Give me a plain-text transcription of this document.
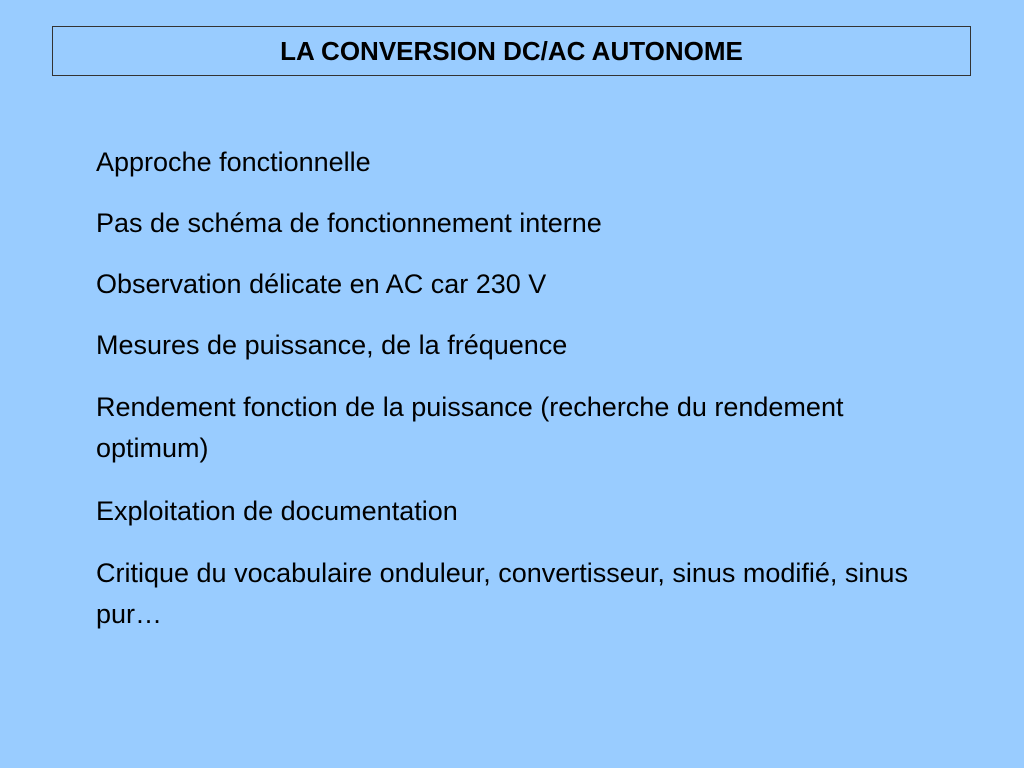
LA CONVERSION DC/AC AUTONOME
Approche fonctionnelle
Pas de schéma de fonctionnement interne
Observation délicate en AC car 230 V
Mesures de puissance, de la fréquence
Rendement fonction de la puissance (recherche du rendement optimum)
Exploitation de documentation
Critique du vocabulaire onduleur, convertisseur, sinus modifié, sinus pur…
